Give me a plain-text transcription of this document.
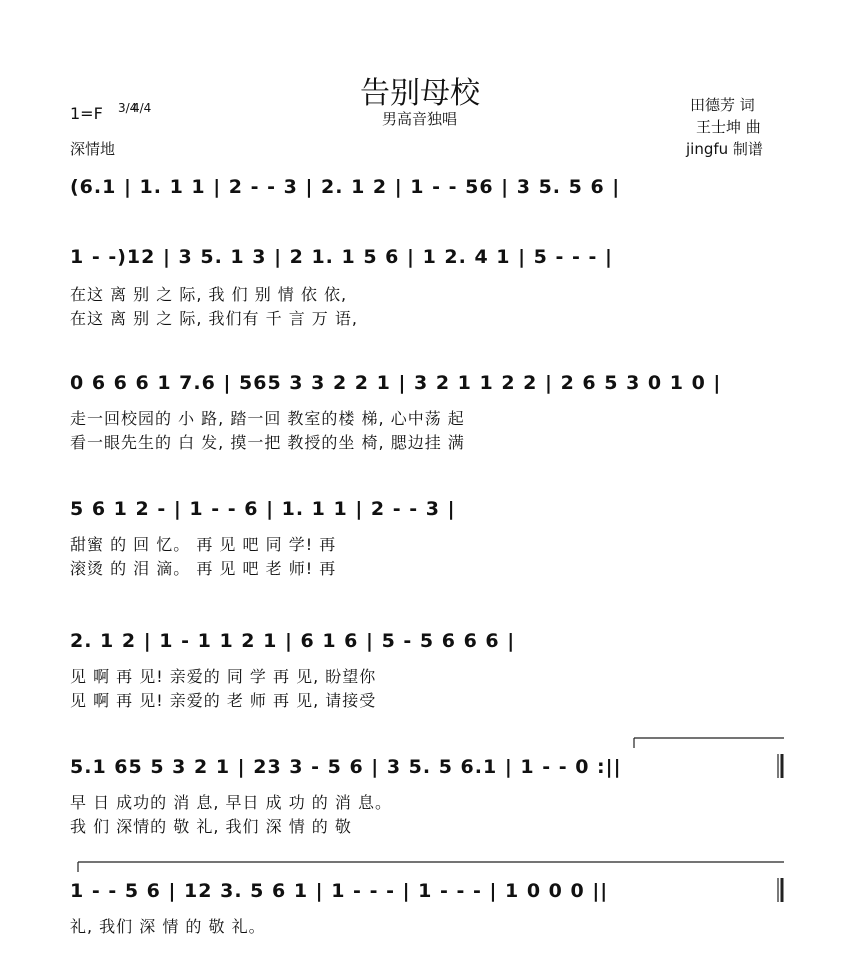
告别母校
男高音独唱
1=F 3/44/4
深情地
田德芳 词
王士坤 曲
jingfu 制谱
(6.1 | 1. 1 1 | 2 - - 3 | 2. 1 2 | 1 - - 56 | 3 5. 5 6 |
1 - -)12 | 3 5. 1 3 | 2 1. 1 5 6 | 1 2. 4 1 | 5 - - - |
在这 离 别 之 际, 我 们 别 情 依 依,
在这 离 别 之 际, 我们有 千 言 万 语,
0 6 6 6 1 7.6 | 565 3 3 2 2 1 | 3 2 1 1 2 2 | 2 6 5 3 0 1 0 |
走一回校园的 小 路, 踏一回 教室的楼 梯, 心中荡 起
看一眼先生的 白 发, 摸一把 教授的坐 椅, 腮边挂 满
5 6 1 2 - | 1 - - 6 | 1. 1 1 | 2 - - 3 |
甜蜜 的 回 忆。 再 见 吧 同 学! 再
滚烫 的 泪 滴。 再 见 吧 老 师! 再
2. 1 2 | 1 - 1 1 2 1 | 6 1 6 | 5 - 5 6 6 6 |
见 啊 再 见! 亲爱的 同 学 再 见, 盼望你
见 啊 再 见! 亲爱的 老 师 再 见, 请接受
5.1 65 5 3 2 1 | 23 3 - 5 6 | 3 5. 5 6.1 | 1 - - 0 :||
早 日 成功的 消 息, 早日 成 功 的 消 息。
我 们 深情的 敬 礼, 我们 深 情 的 敬
1 - - 5 6 | 12 3. 5 6 1 | 1 - - - | 1 - - - | 1 0 0 0 ||
礼, 我们 深 情 的 敬 礼。
